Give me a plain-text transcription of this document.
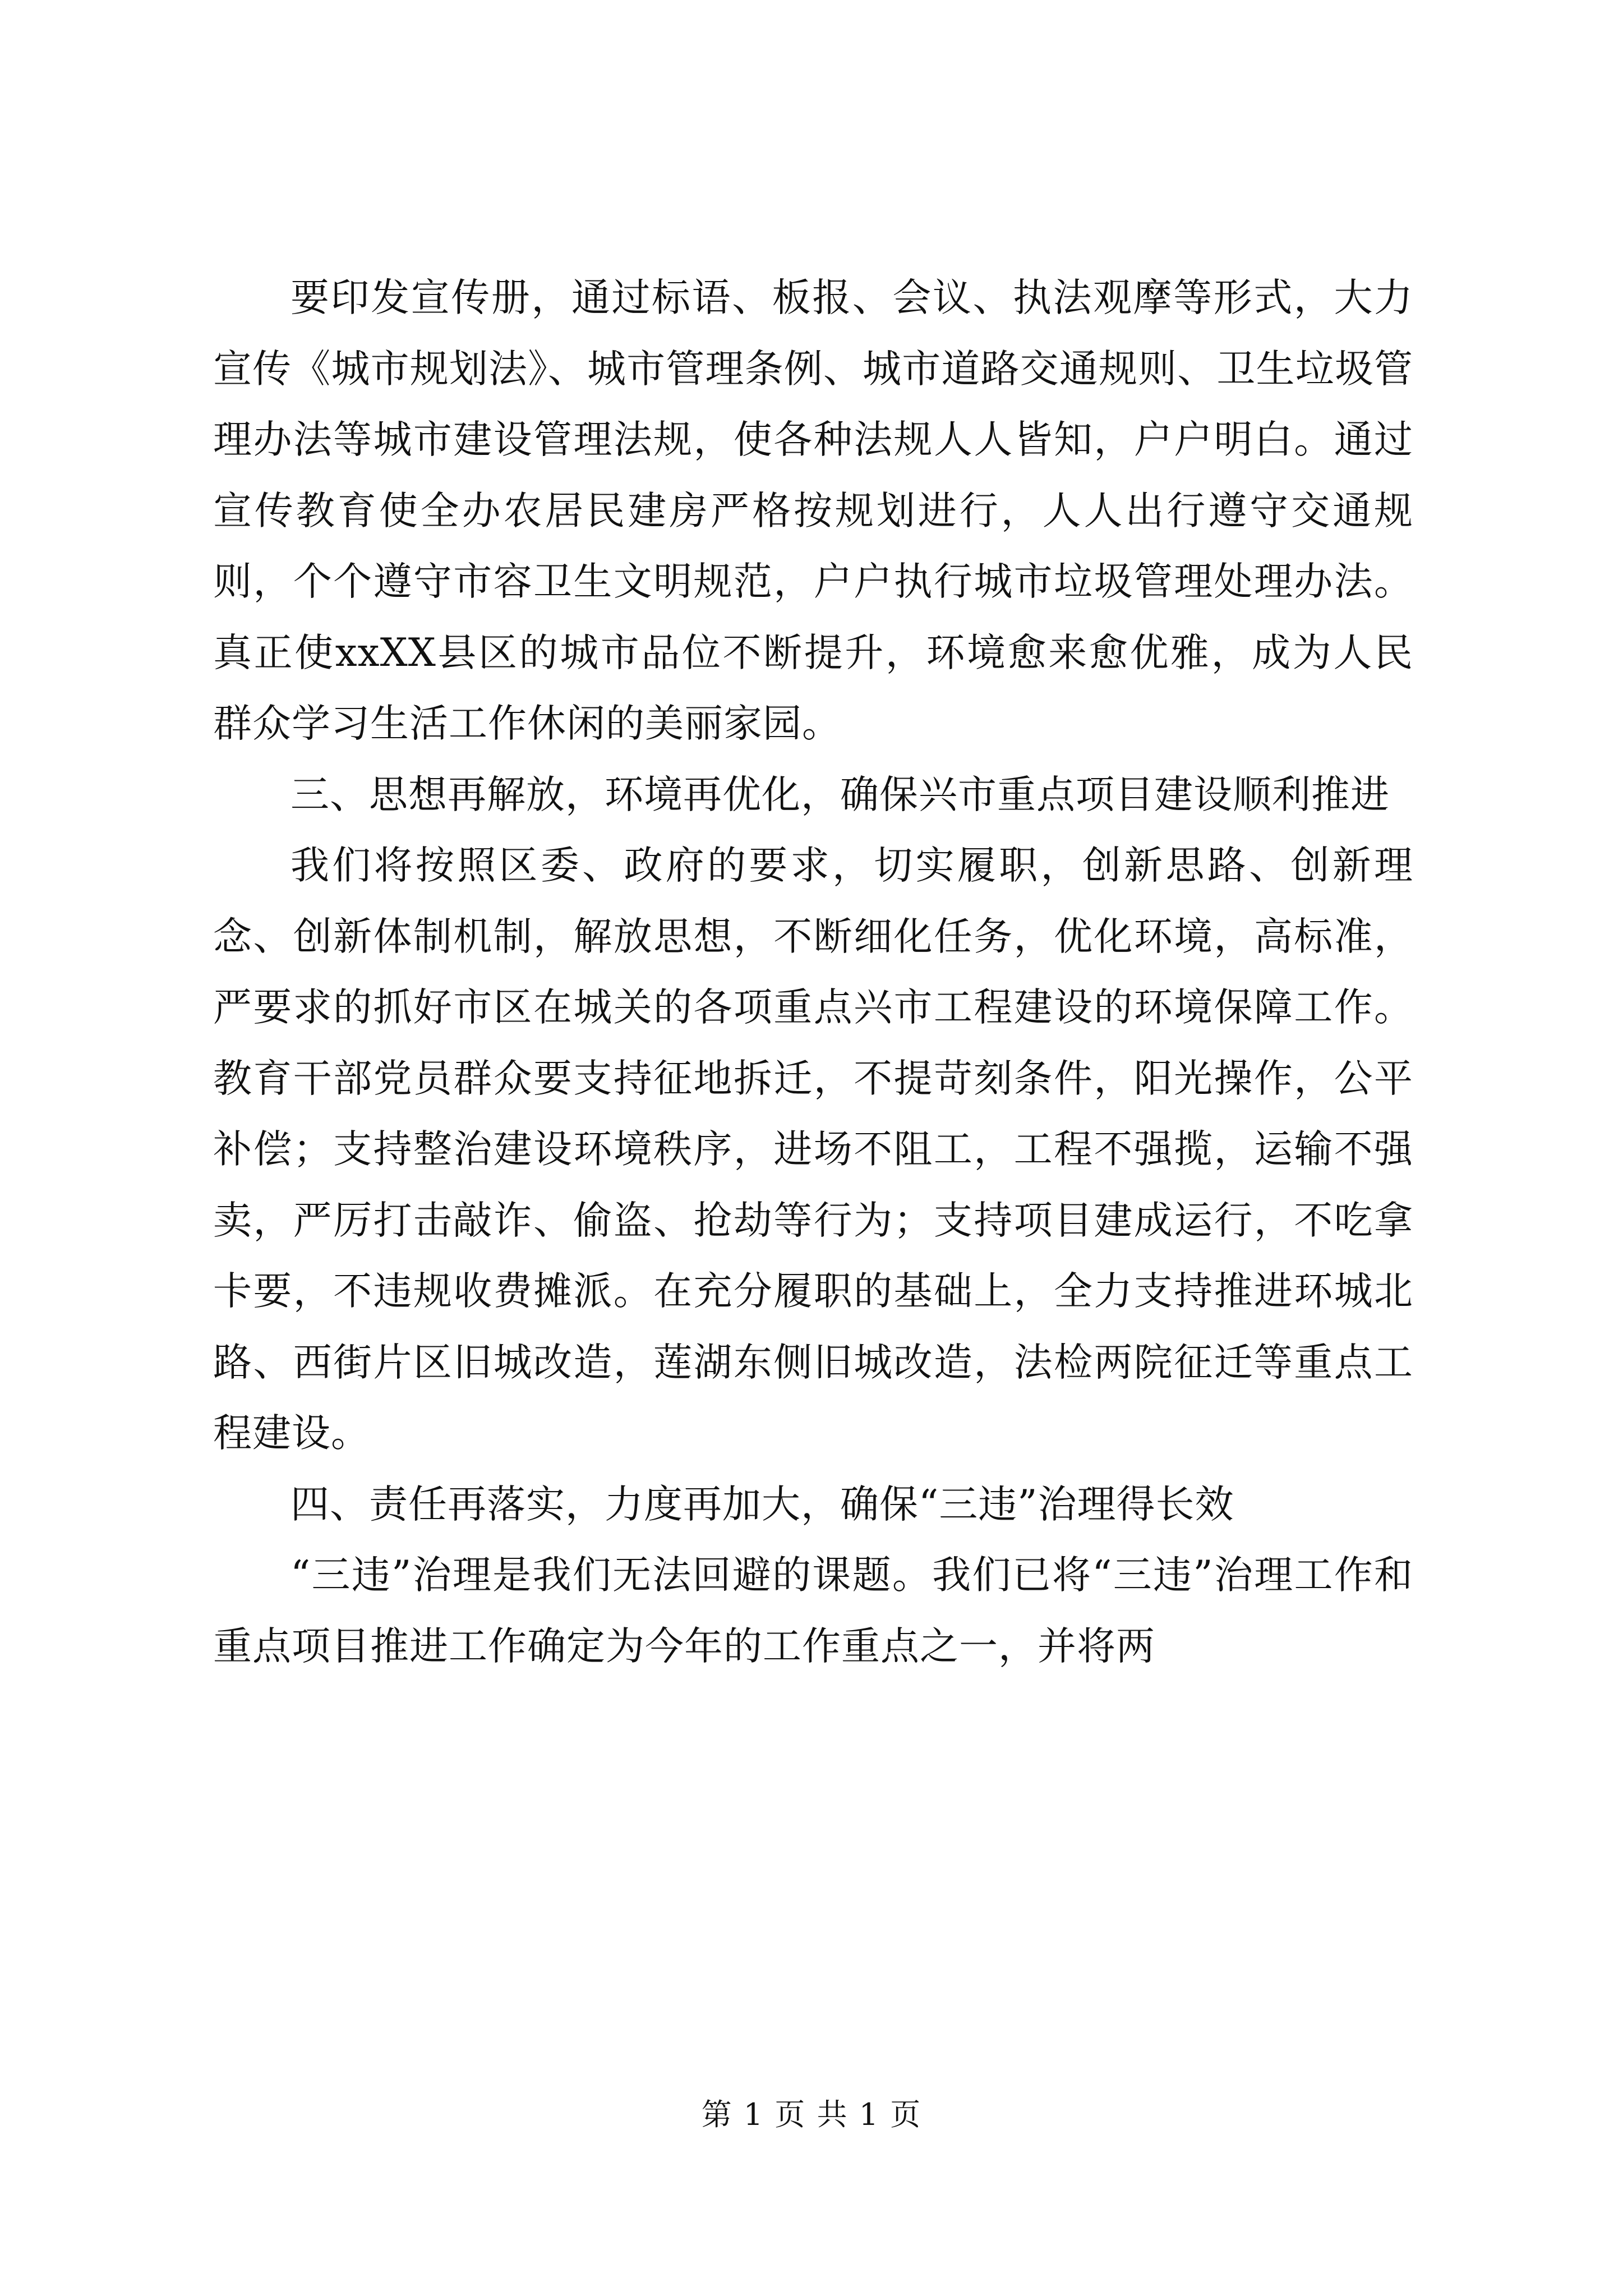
要印发宣传册，通过标语、板报、会议、执法观摩等形式，大力宣传《城市规划法》、城市管理条例、城市道路交通规则、卫生垃圾管理办法等城市建设管理法规，使各种法规人人皆知，户户明白。通过宣传教育使全办农居民建房严格按规划进行，人人出行遵守交通规则，个个遵守市容卫生文明规范，户户执行城市垃圾管理处理办法。真正使xxXX县区的城市品位不断提升，环境愈来愈优雅，成为人民群众学习生活工作休闲的美丽家园。

三、思想再解放，环境再优化，确保兴市重点项目建设顺利推进

我们将按照区委、政府的要求，切实履职，创新思路、创新理念、创新体制机制，解放思想，不断细化任务，优化环境，高标准，严要求的抓好市区在城关的各项重点兴市工程建设的环境保障工作。教育干部党员群众要支持征地拆迁，不提苛刻条件，阳光操作，公平补偿；支持整治建设环境秩序，进场不阻工，工程不强揽，运输不强卖，严厉打击敲诈、偷盗、抢劫等行为；支持项目建成运行，不吃拿卡要，不违规收费摊派。在充分履职的基础上，全力支持推进环城北路、西街片区旧城改造，莲湖东侧旧城改造，法检两院征迁等重点工程建设。

四、责任再落实，力度再加大，确保“三违”治理得长效

“三违”治理是我们无法回避的课题。我们已将“三违”治理工作和重点项目推进工作确定为今年的工作重点之一，并将两

第 1 页 共 1 页
